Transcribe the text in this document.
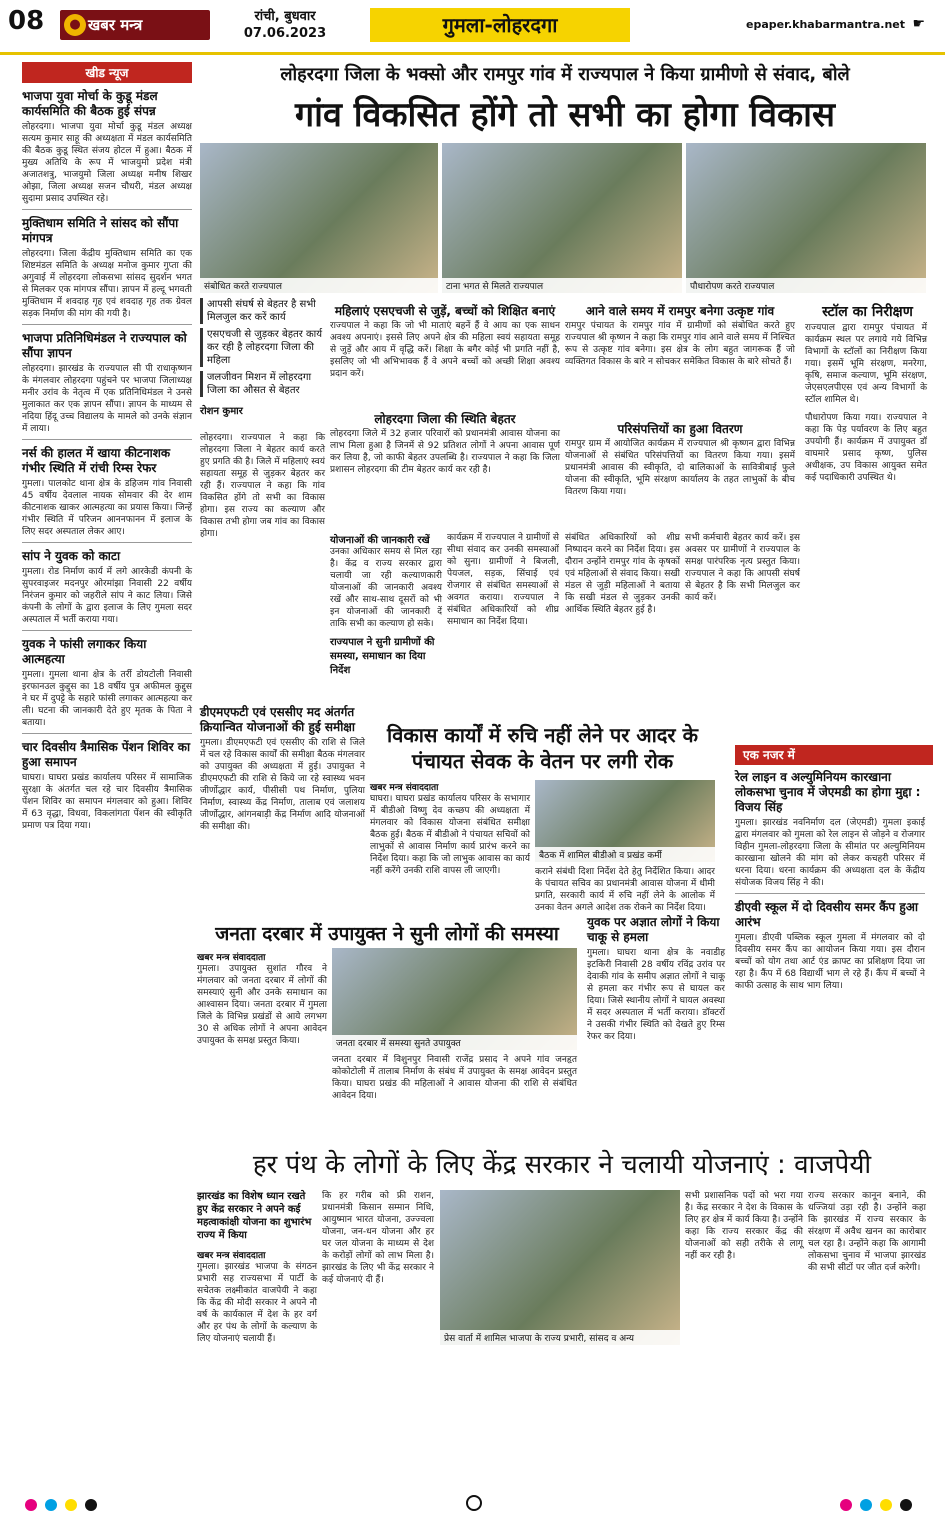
08	● खबर मन्त्र	रांची, बुधवार
07.06.2023	गुमला-लोहरदगा	epaper.khabarmantra.net ☛
खीड न्यूज
भाजपा युवा मोर्चा के कुडू मंडल कार्यसमिति की बैठक हुई संपन्न
लोहरदगा। भाजपा युवा मोर्चा कुडू मंडल अध्यक्ष सत्यम कुमार साहू की अध्यक्षता में मंडल कार्यसमिति की बैठक कुडू स्थित संजय होटल में हुआ। बैठक में मुख्य अतिथि के रूप में भाजयुमो प्रदेश मंत्री अजातशत्रु, भाजयुमो जिला अध्यक्ष मनीष शिखर ओझा, जिला अध्यक्ष सजन चौधरी, मंडल अध्यक्ष सुदामा प्रसाद उपस्थित रहे।
मुक्तिधाम समिति ने सांसद को सौंपा मांगपत्र
लोहरदगा। जिला केंद्रीय मुक्तिधाम समिति का एक शिष्टमंडल समिति के अध्यक्ष मनोज कुमार गुप्ता की अगुवाई में लोहरदगा लोकसभा सांसद सुदर्शन भगत से मिलकर एक मांगपत्र सौंपा। ज्ञापन में हल्दू भगवती मुक्तिधाम में शवदाह गृह एवं शवदाह गृह तक ग्रेवल सड़क निर्माण की मांग की गयी है।
भाजपा प्रतिनिधिमंडल ने राज्यपाल को सौंपा ज्ञापन
लोहरदगा। झारखंड के राज्यपाल सी पी राधाकृष्णन के मंगलवार लोहरदगा पहुंचने पर भाजपा जिलाध्यक्ष मनीर उरांव के नेतृत्व में एक प्रतिनिधिमंडल ने उनसे मुलाकात कर एक ज्ञापन सौंपा। ज्ञापन के माध्यम से नदिया हिंदू उच्च विद्यालय के मामले को उनके संज्ञान में लाया।
नर्स की हालत में खाया कीटनाशक गंभीर स्थिति में रांची रिम्स रेफर
गुमला। पालकोट थाना क्षेत्र के डहिजम गांव निवासी 45 वर्षीय देवलाल नायक सोमवार की देर शाम कीटनाशक खाकर आत्महत्या का प्रयास किया। जिन्हें गंभीर स्थिति में परिजन आननफानन में इलाज के लिए सदर अस्पताल लेकर आए।
सांप ने युवक को काटा
गुमला। रोड निर्माण कार्य में लगे आरकेडी कंपनी के सुपरवाइजर मदनपुर ओरमांझा निवासी 22 वर्षीय निरंजन कुमार को जहरीले सांप ने काट लिया। जिसे कंपनी के लोगों के द्वारा इलाज के लिए गुमला सदर अस्पताल में भर्ती कराया गया।
युवक ने फांसी लगाकर किया आत्महत्या
गुमला। गुमला थाना क्षेत्र के तर्री डोयटोली निवासी इरफानउल कुद्दुस का 18 वर्षीय पुत्र अफीमल कुद्दुस ने घर में दुपट्टे के सहारे फांसी लगाकर आत्महत्या कर ली। घटना की जानकारी देते हुए मृतक के पिता ने बताया।
चार दिवसीय त्रैमासिक पेंशन शिविर का हुआ समापन
घाघरा। घाघरा प्रखंड कार्यालय परिसर में सामाजिक सुरक्षा के अंतर्गत चल रहे चार दिवसीय त्रैमासिक पेंशन शिविर का समापन मंगलवार को हुआ। शिविर में 63 वृद्धा, विधवा, विकलांगता पेंशन की स्वीकृति प्रमाण पत्र दिया गया।
लोहरदगा जिला के भक्सो और रामपुर गांव में राज्यपाल ने किया ग्रामीणो से संवाद, बोले
गांव विकसित होंगे तो सभी का होगा विकास
संबोधित करते राज्यपाल	टाना भगत से मिलते राज्यपाल	पौधारोपण करते राज्यपाल
आपसी संघर्ष से बेहतर है सभी मिलजुल कर करें कार्य
एसएचजी से जुड़कर बेहतर कार्य कर रही है लोहरदगा जिला की महिला
जलजीवन मिशन में लोहरदगा जिला का औसत से बेहतर
रोशन कुमार
महिलाएं एसएचजी से जुड़ें, बच्चों को शिक्षित बनाएं
राज्यपाल ने कहा कि जो भी माताएं बहनें हैं वे आय का एक साधन अवश्य अपनाएं। इससे लिए अपने क्षेत्र की महिला स्वयं सहायता समूह से जुड़ें और आय में वृद्धि करें। शिक्षा के बगैर कोई भी प्रगति नहीं है, इसलिए जो भी अभिभावक हैं वे अपने बच्चों को अच्छी शिक्षा अवश्य प्रदान करें।
आने वाले समय में रामपुर बनेगा उत्कृष्ट गांव
रामपुर पंचायत के रामपुर गांव में ग्रामीणों को संबोधित करते हुए राज्यपाल श्री कृष्णन ने कहा कि रामपुर गांव आने वाले समय में निश्चित रूप से उत्कृष्ट गांव बनेगा। इस क्षेत्र के लोग बहुत जागरूक हैं जो व्यक्तिगत विकास के बारे न सोचकर समेकित विकास के बारे सोचते हैं।
स्टॉल का निरीक्षण
राज्यपाल द्वारा रामपुर पंचायत में कार्यक्रम स्थल पर लगाये गये विभिन्न विभागों के स्टॉलों का निरीक्षण किया गया। इसमें भूमि संरक्षण, मनरेगा, कृषि, समाज कल्याण, भूमि संरक्षण, जेएसएलपीएस एवं अन्य विभागों के स्टॉल शामिल थे।
पौधारोपण किया गया। राज्यपाल ने कहा कि पेड़ पर्यावरण के लिए बहुत उपयोगी हैं। कार्यक्रम में उपायुक्त डॉ वाघमारे प्रसाद कृष्ण, पुलिस अधीक्षक, उप विकास आयुक्त समेत कई पदाधिकारी उपस्थित थे।
लोहरदगा जिला की स्थिति बेहतर
लोहरदगा जिले में 32 हजार परिवारों को प्रधानमंत्री आवास योजना का लाभ मिला हुआ है जिनमें से 92 प्रतिशत लोगों ने अपना आवास पूर्ण कर लिया है, जो काफी बेहतर उपलब्धि है। राज्यपाल ने कहा कि जिला प्रशासन लोहरदगा की टीम बेहतर कार्य कर रही है।
परिसंपत्तियों का हुआ वितरण
रामपुर ग्राम में आयोजित कार्यक्रम में राज्यपाल श्री कृष्णन द्वारा विभिन्न योजनाओं से संबंधित परिसंपत्तियों का वितरण किया गया। इसमें प्रधानमंत्री आवास की स्वीकृति, दो बालिकाओं के सावित्रीबाई फुले योजना की स्वीकृति, भूमि संरक्षण कार्यालय के तहत लाभुकों के बीच वितरण किया गया।
लोहरदगा। राज्यपाल ने कहा कि लोहरदगा जिला ने बेहतर कार्य करते हुए प्रगति की है। जिले में महिलाएं स्वयं सहायता समूह से जुड़कर बेहतर कर रही हैं। राज्यपाल ने कहा कि गांव विकसित होंगे तो सभी का विकास होगा। इस राज्य का कल्याण और विकास तभी होगा जब गांव का विकास होगा।
योजनाओं की जानकारी रखें
उनका अधिकार समय से मिल रहा है। केंद्र व राज्य सरकार द्वारा चलायी जा रही कल्याणकारी योजनाओं की जानकारी अवश्य रखें और साथ-साथ दूसरों को भी इन योजनाओं की जानकारी दें ताकि सभी का कल्याण हो सके।
राज्यपाल ने सुनी ग्रामीणों की समस्या, समाधान का दिया निर्देश
कार्यक्रम में राज्यपाल ने ग्रामीणों से सीधा संवाद कर उनकी समस्याओं को सुना। ग्रामीणों ने बिजली, पेयजल, सड़क, सिंचाई एवं रोजगार से संबंधित समस्याओं से अवगत कराया। राज्यपाल ने संबंधित अधिकारियों को शीघ्र समाधान का निर्देश दिया।
संबंधित अधिकारियों को शीघ्र निष्पादन करने का निर्देश दिया। इस दौरान उन्होंने रामपुर गांव के कृषकों एवं महिलाओं से संवाद किया। सखी मंडल से जुड़ी महिलाओं ने बताया कि सखी मंडल से जुड़कर उनकी आर्थिक स्थिति बेहतर हुई है।
सभी कर्मचारी बेहतर कार्य करें। इस अवसर पर ग्रामीणों ने राज्यपाल के समक्ष पारंपरिक नृत्य प्रस्तुत किया। राज्यपाल ने कहा कि आपसी संघर्ष से बेहतर है कि सभी मिलजुल कर कार्य करें।
डीएमएफटी एवं एससीए मद अंतर्गत क्रियान्वित योजनाओं की हुई समीक्षा
गुमला। डीएमएफटी एवं एससीए की राशि से जिले में चल रहे विकास कार्यों की समीक्षा बैठक मंगलवार को उपायुक्त की अध्यक्षता में हुई। उपायुक्त ने डीएमएफटी की राशि से किये जा रहे स्वास्थ्य भवन जीर्णोद्धार कार्य, पीसीसी पथ निर्माण, पुलिया निर्माण, स्वास्थ्य केंद्र निर्माण, तालाब एवं जलाशय जीर्णोद्धार, आंगनबाड़ी केंद्र निर्माण आदि योजनाओं की समीक्षा की।
विकास कार्यों में रुचि नहीं लेने पर आदर के पंचायत सेवक के वेतन पर लगी रोक
खबर मन्त्र संवाददाता
घाघरा। घाघरा प्रखंड कार्यालय परिसर के सभागार में बीडीओ विष्णु देव कच्छप की अध्यक्षता में मंगलवार को विकास योजना संबंधित समीक्षा बैठक हुई। बैठक में बीडीओ ने पंचायत सचिवों को लाभुकों से आवास निर्माण कार्य प्रारंभ करने का निर्देश दिया। कहा कि जो लाभुक आवास का कार्य नहीं करेंगे उनकी राशि वापस ली जाएगी।
बैठक में शामिल बीडीओ व प्रखंड कर्मी
कराने संबंधी दिशा निर्देश देते हेतु निर्देशित किया। आदर के पंचायत सचिव का प्रधानमंत्री आवास योजना में धीमी प्रगति, सरकारी कार्य में रुचि नहीं लेने के आलोक में उनका वेतन अगले आदेश तक रोकने का निर्देश दिया।
एक नजर में
रेल लाइन व अल्युमिनियम कारखाना लोकसभा चुनाव में जेएमडी का होगा मुद्दा : विजय सिंह
गुमला। झारखंड नवनिर्माण दल (जेएमडी) गुमला इकाई द्वारा मंगलवार को गुमला को रेल लाइन से जोड़ने व रोजगार विहीन गुमला-लोहरदगा जिला के सीमांत पर अल्युमिनियम कारखाना खोलने की मांग को लेकर कचहरी परिसर में धरना दिया। धरना कार्यक्रम की अध्यक्षता दल के केंद्रीय संयोजक विजय सिंह ने की।
डीएवी स्कूल में दो दिवसीय समर कैंप हुआ आरंभ
गुमला। डीएवी पब्लिक स्कूल गुमला में मंगलवार को दो दिवसीय समर कैंप का आयोजन किया गया। इस दौरान बच्चों को योग तथा आर्ट एंड क्राफ्ट का प्रशिक्षण दिया जा रहा है। कैंप में 68 विद्यार्थी भाग ले रहे हैं। कैंप में बच्चों ने काफी उत्साह के साथ भाग लिया।
जनता दरबार में उपायुक्त ने सुनी लोगों की समस्या
खबर मन्त्र संवाददाता
गुमला। उपायुक्त सुशांत गौरव ने मंगलवार को जनता दरबार में लोगों की समस्याएं सुनी और उनके समाधान का आश्वासन दिया। जनता दरबार में गुमला जिले के विभिन्न प्रखंडों से आये लगभग 30 से अधिक लोगों ने अपना आवेदन उपायुक्त के समक्ष प्रस्तुत किया।	जनता दरबार में समस्या सुनते उपायुक्त
जनता दरबार में विशुनपुर निवासी राजेंद्र प्रसाद ने अपने गांव जनहृत कोकोटोली में तालाब निर्माण के संबंध में उपायुक्त के समक्ष आवेदन प्रस्तुत किया। घाघरा प्रखंड की महिलाओं ने आवास योजना की राशि से संबंधित आवेदन दिया।
युवक पर अज्ञात लोगों ने किया चाकू से हमला
गुमला। घाघरा थाना क्षेत्र के नवाडीह इटकिरी निवासी 28 वर्षीय रविंद्र उरांव पर देवाकी गांव के समीप अज्ञात लोगों ने चाकू से हमला कर गंभीर रूप से घायल कर दिया। जिसे स्थानीय लोगों ने घायल अवस्था में सदर अस्पताल में भर्ती कराया। डॉक्टरों ने उसकी गंभीर स्थिति को देखते हुए रिम्स रेफर कर दिया।
हर पंथ के लोगों के लिए केंद्र सरकार ने चलायी योजनाएं : वाजपेयी
झारखंड का विशेष ध्यान रखते हुए केंद्र सरकार ने अपने कई महत्वाकांक्षी योजना का शुभारंभ राज्य में किया
खबर मन्त्र संवाददाता
गुमला। झारखंड भाजपा के संगठन प्रभारी सह राज्यसभा में पार्टी के सचेतक लक्ष्मीकांत वाजपेयी ने कहा कि केंद्र की मोदी सरकार ने अपने नौ वर्ष के कार्यकाल में देश के हर वर्ग और हर पंथ के लोगों के कल्याण के लिए योजनाएं चलायी हैं।
कि हर गरीब को फ्री राशन, प्रधानमंत्री किसान सम्मान निधि, आयुष्मान भारत योजना, उज्ज्वला योजना, जन-धन योजना और हर घर जल योजना के माध्यम से देश के करोड़ों लोगों को लाभ मिला है। झारखंड के लिए भी केंद्र सरकार ने कई योजनाएं दी हैं।
प्रेस वार्ता में शामिल भाजपा के राज्य प्रभारी, सांसद व अन्य
सभी प्रशासनिक पदों को भरा गया है। केंद्र सरकार ने देश के विकास के लिए हर क्षेत्र में कार्य किया है। उन्होंने कहा कि राज्य सरकार केंद्र की योजनाओं को सही तरीके से लागू नहीं कर रही है।
राज्य सरकार कानून बनाने, की धज्जियां उड़ा रही है। उन्होंने कहा कि झारखंड में राज्य सरकार के संरक्षण में अवैध खनन का कारोबार चल रहा है। उन्होंने कहा कि आगामी लोकसभा चुनाव में भाजपा झारखंड की सभी सीटों पर जीत दर्ज करेगी।
